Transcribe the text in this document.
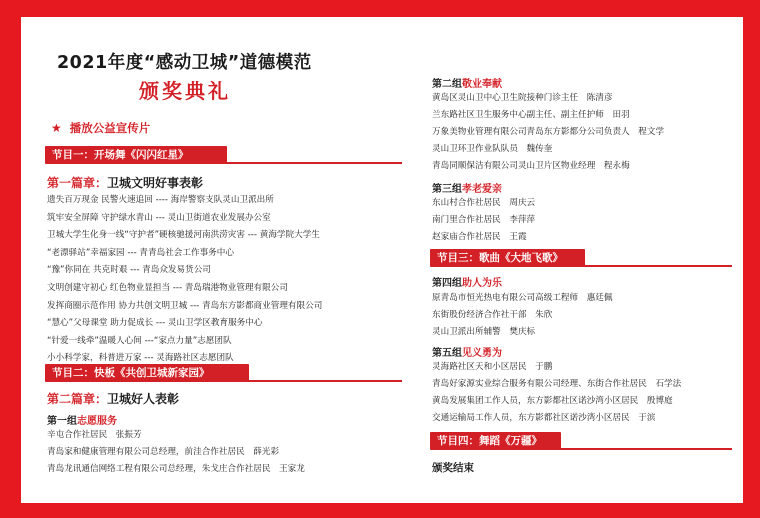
2021年度“感动卫城”道德模范
颁奖典礼
★ 播放公益宣传片
节目一：开场舞《闪闪红星》
第一篇章：卫城文明好事表彰
遗失百万现金 民警火速追回 ---- 海岸警察支队灵山卫派出所
筑牢安全屏障 守护绿水青山 --- 灵山卫街道农业发展办公室
卫城大学生化身一线“守护者”硬核驰援河南洪涝灾害 --- 黄海学院大学生
“老漂驿站”幸福家园 --- 青青岛社会工作事务中心
“豫”你同在 共克时艰 --- 青岛众发易货公司
文明创建守初心 红色物业显担当 --- 青岛瑞港物业管理有限公司
发挥商圈示范作用 协力共创文明卫城 --- 青岛东方影都商业管理有限公司
“慧心”父母课堂 助力促成长 --- 灵山卫学区教育服务中心
“针爱一线牵”温暖人心间 ---“家点力量”志愿团队
小小科学家，科普进万家 --- 灵海路社区志愿团队
节目二：快板《共创卫城新家园》
第二篇章：卫城好人表彰
第一组志愿服务
辛屯合作社居民　张振芳
青岛家和健康管理有限公司总经理，前洼合作社居民　薛光彩
青岛龙讯通信网络工程有限公司总经理，朱戈庄合作社居民　王家龙
第二组敬业奉献
黄岛区灵山卫中心卫生院接种门诊主任　陈清彦
兰东路社区卫生服务中心副主任、副主任护师　田羽
万象美物业管理有限公司青岛东方影都分公司负责人　程文学
灵山卫环卫作业队队员　魏传奎
青岛同顺保洁有限公司灵山卫片区物业经理　程永梅
第三组孝老爱亲
东山村合作社居民　周庆云
南门里合作社居民　李萍萍
赵家庙合作社居民　王霞
节目三：歌曲《大地飞歌》
第四组助人为乐
原青岛市恒光热电有限公司高级工程师　惠廷佩
东街股份经济合作社干部　朱欣
灵山卫派出所辅警　樊庆标
第五组见义勇为
灵海路社区天和小区居民　于鹏
青岛好家源实业综合服务有限公司经理、东街合作社居民　石学法
黄岛发展集团工作人员，东方影都社区诺沙湾小区居民　殷博庭
交通运输局工作人员，东方影都社区诺沙湾小区居民　于滨
节目四：舞蹈《万疆》
颁奖结束
